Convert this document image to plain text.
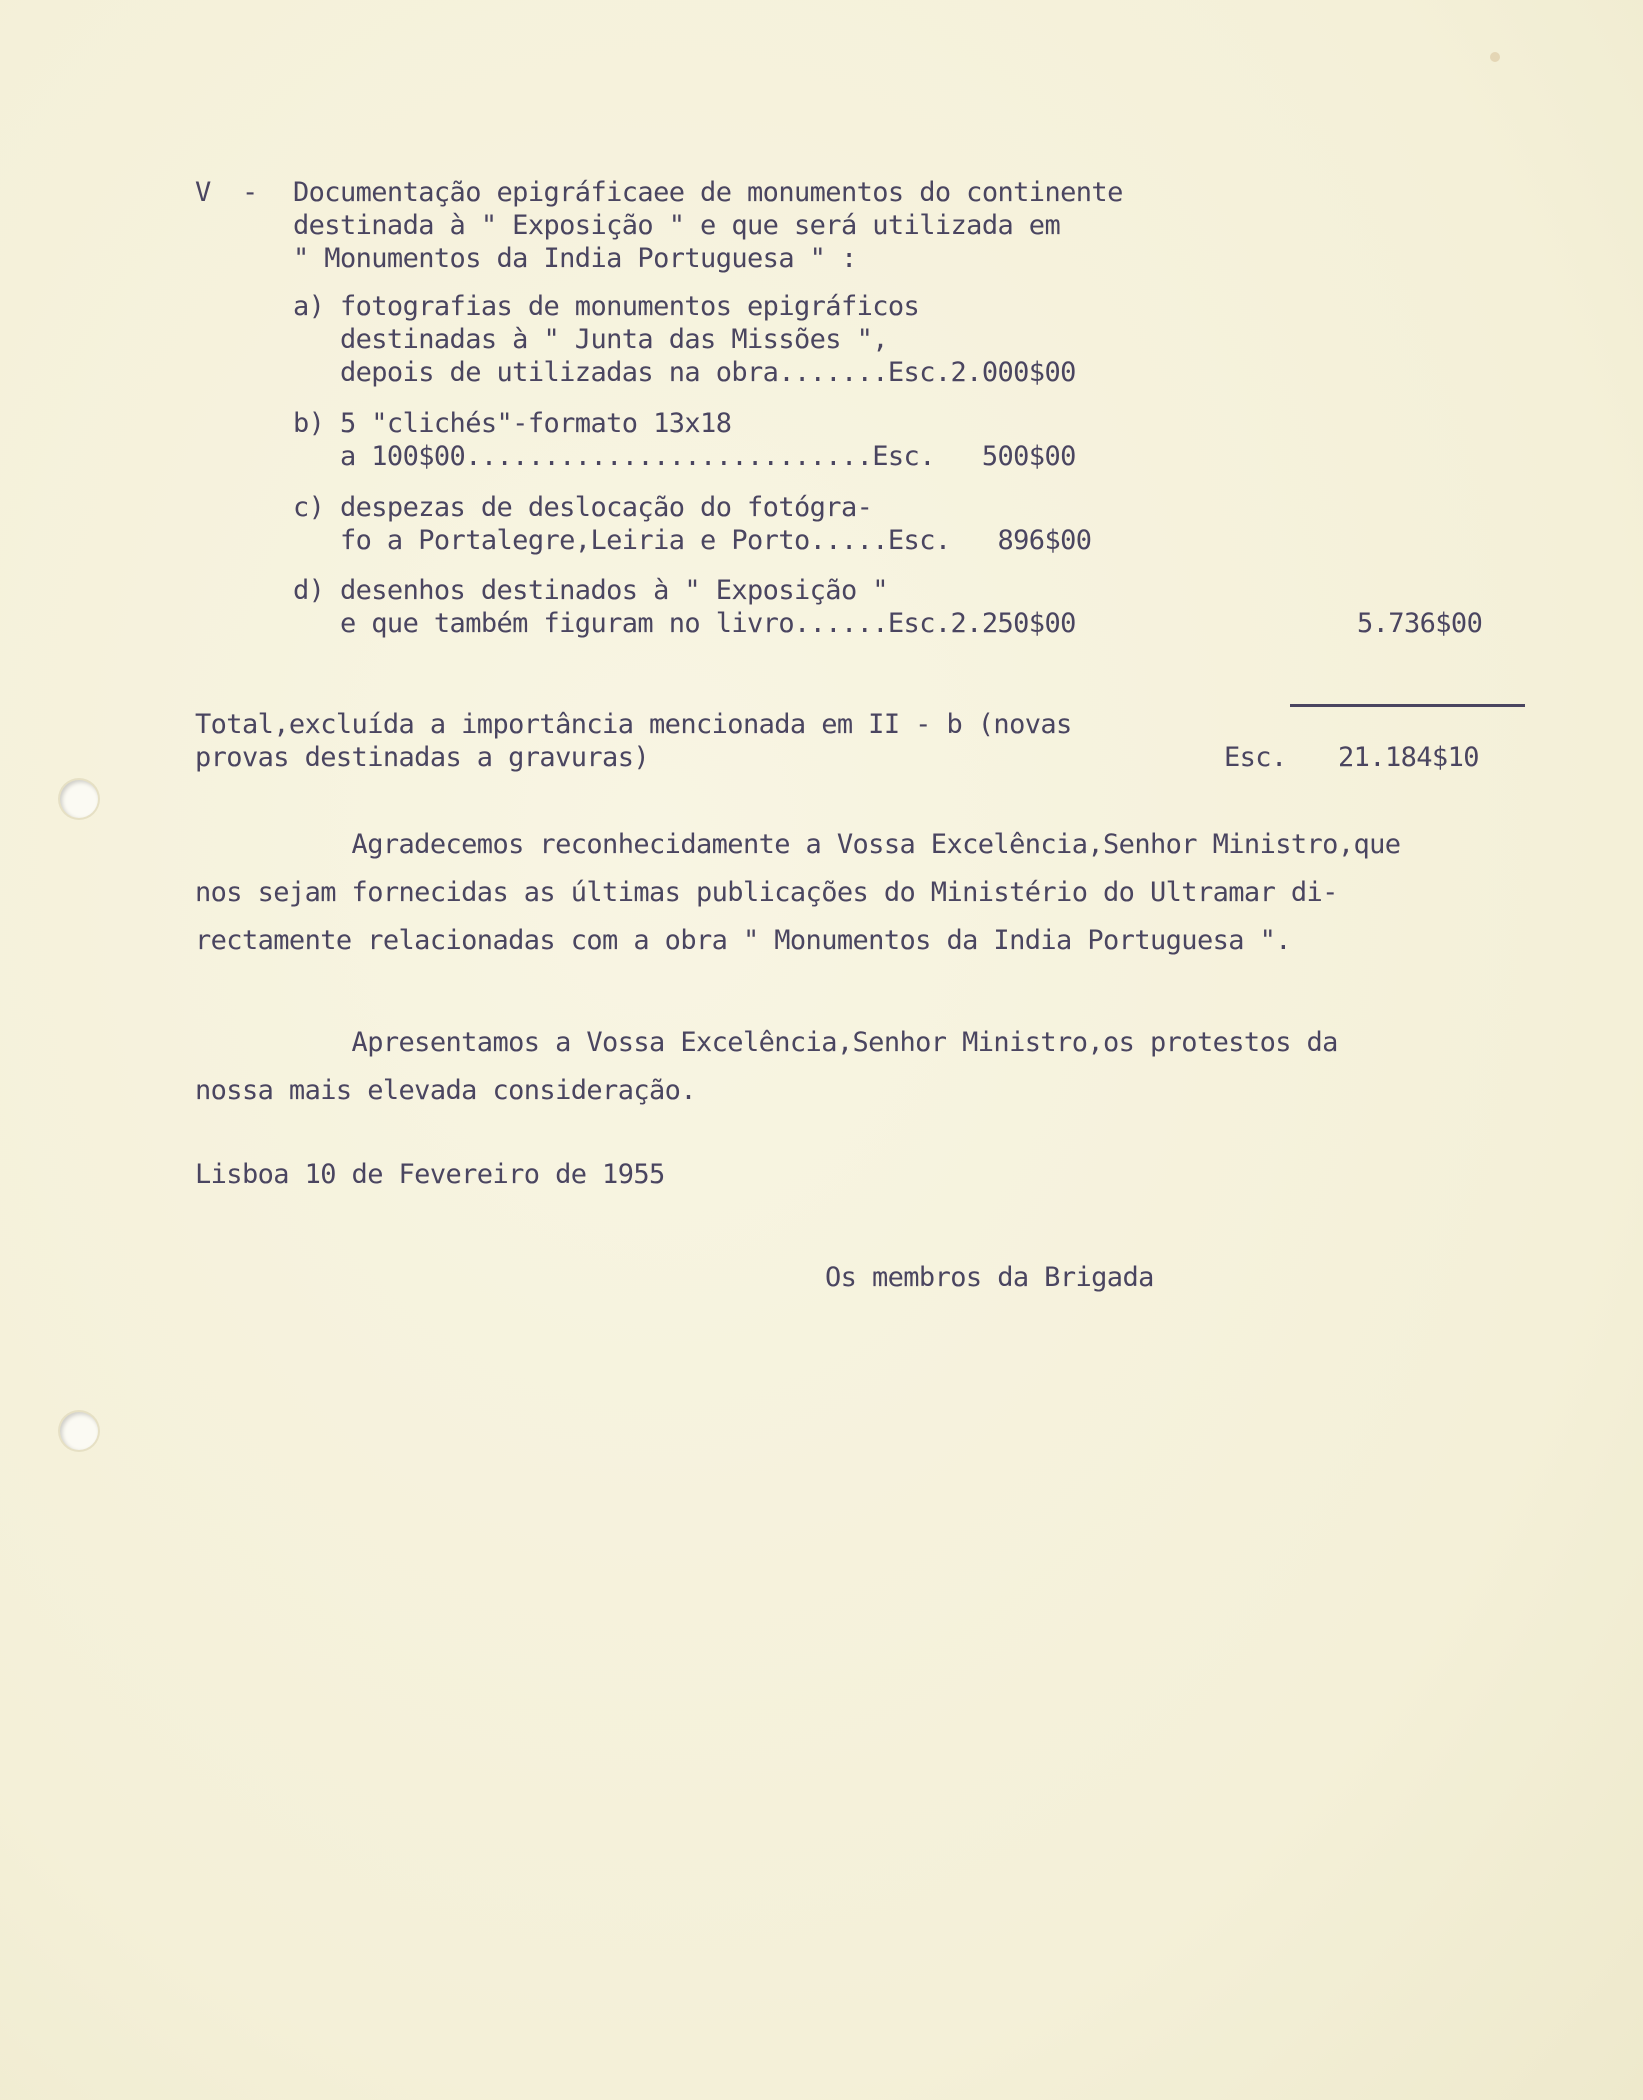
V  - Documentação epigráficaee de monumentos do continente
destinada à " Exposição " e que será utilizada em
" Monumentos da India Portuguesa " :
a) fotografias de monumentos epigráficos
destinadas à " Junta das Missões ",
depois de utilizadas na obra.......Esc.2.000$00
b) 5 "clichés"-formato 13x18
a 100$00..........................Esc.   500$00
c) despezas de deslocação do fotógra-
fo a Portalegre,Leiria e Porto.....Esc.   896$00
d) desenhos destinados à " Exposição "
e que também figuram no livro......Esc.2.250$00	5.736$00
Total,excluída a importância mencionada em II - b (novas
provas destinadas a gravuras)	Esc. 21.184$10
Agradecemos reconhecidamente a Vossa Excelência,Senhor Ministro,que
nos sejam fornecidas as últimas publicações do Ministério do Ultramar di-
rectamente relacionadas com a obra " Monumentos da India Portuguesa ".
Apresentamos a Vossa Excelência,Senhor Ministro,os protestos da
nossa mais elevada consideração.
Lisboa 10 de Fevereiro de 1955
Os membros da Brigada
